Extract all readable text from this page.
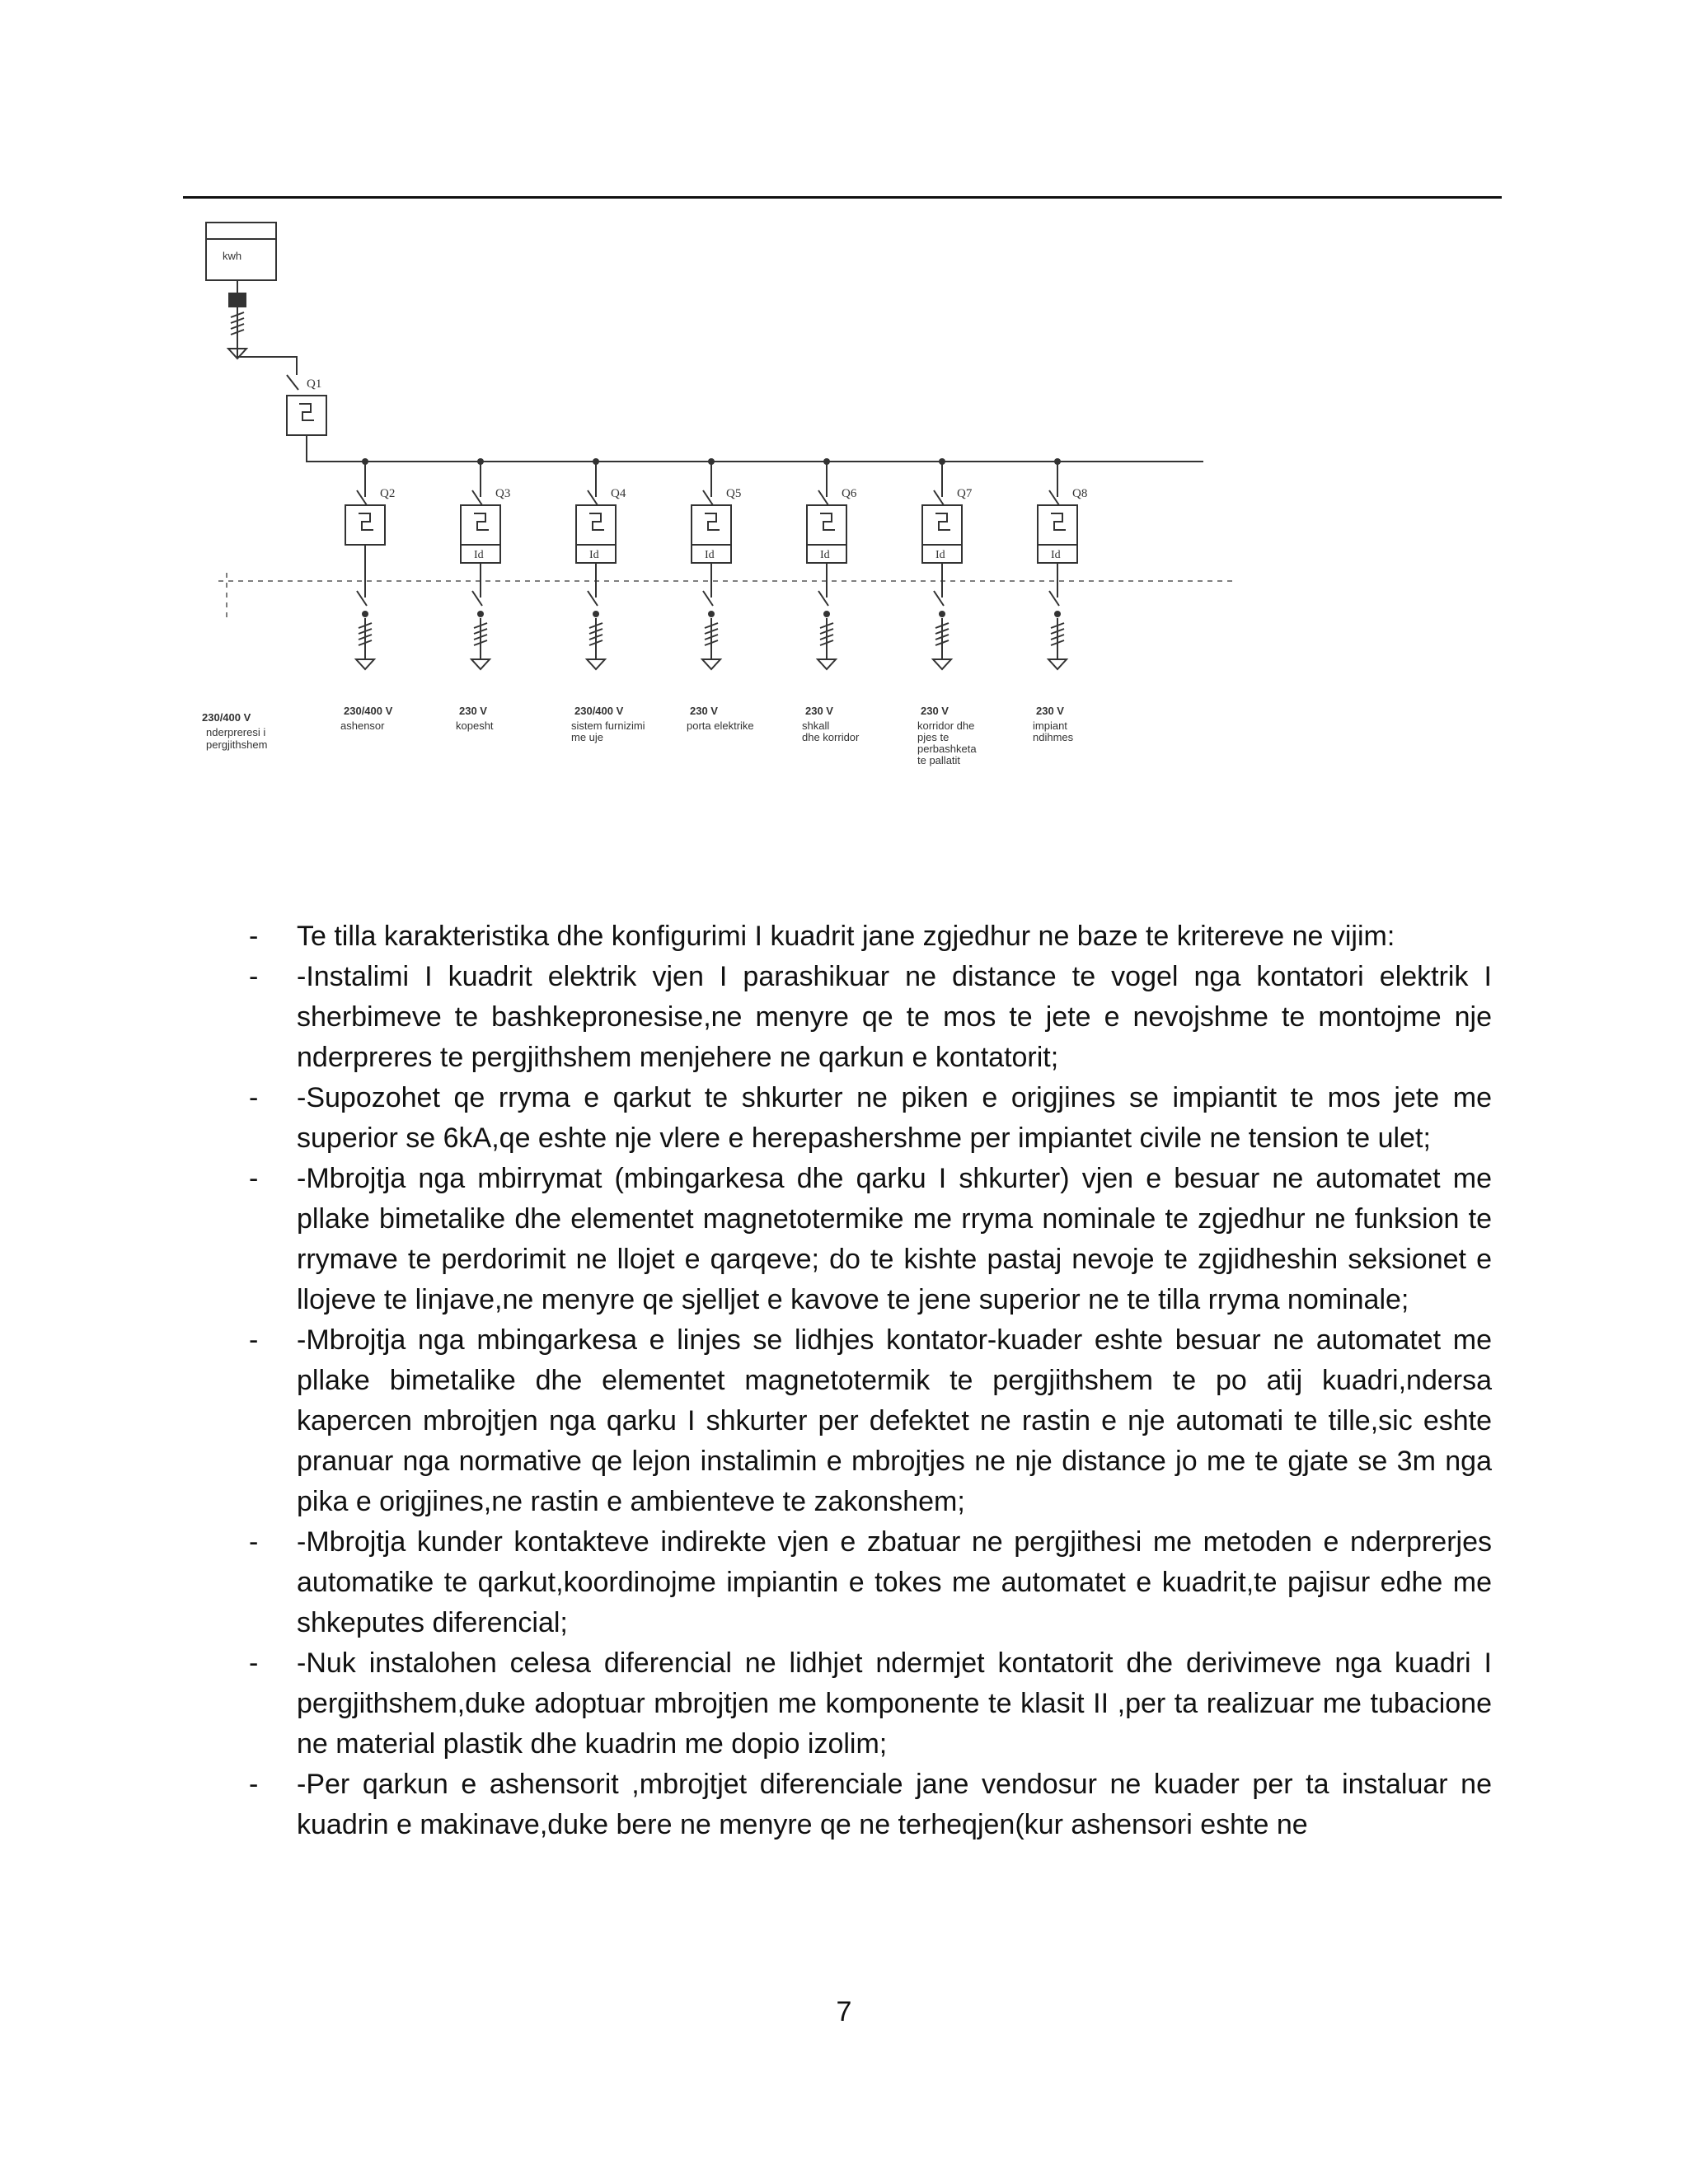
kwh
Q1
230/400 V
nderpreresi i
pergjithshem
Q2
230/400 V
ashensor
Q3
Id
230 V
kopesht
Q4
Id
230/400 V
sistem furnizimi
me uje
Q5
Id
230 V
porta elektrike
Q6
Id
230 V
shkall
dhe korridor
Q7
Id
230 V
korridor dhe
pjes te
perbashketa
te pallatit
Q8
Id
230 V
impiant
ndihmes
- Te tilla karakteristika dhe konfigurimi I kuadrit jane zgjedhur ne baze te kritereve ne vijim:
- -Instalimi I kuadrit elektrik vjen I parashikuar ne distance te vogel nga kontatori elektrik I sherbimeve te bashkepronesise,ne menyre qe te mos te jete e nevojshme te montojme nje nderpreres te pergjithshem menjehere ne qarkun e kontatorit;
- -Supozohet qe rryma e qarkut te shkurter ne piken e origjines se impiantit te mos jete me superior se 6kA,qe eshte nje vlere e herepashershme per impiantet civile ne tension te ulet;
- -Mbrojtja nga mbirrymat (mbingarkesa dhe qarku I shkurter) vjen e besuar ne automatet me pllake bimetalike dhe elementet magnetotermike me rryma nominale te zgjedhur ne funksion te rrymave te perdorimit ne llojet e qarqeve; do te kishte pastaj nevoje te zgjidheshin seksionet e llojeve te linjave,ne menyre qe sjelljet e kavove te jene superior ne te tilla rryma nominale;
- -Mbrojtja nga mbingarkesa e linjes se lidhjes kontator-kuader eshte besuar ne automatet me pllake bimetalike dhe elementet magnetotermik te pergjithshem te po atij kuadri,ndersa kapercen mbrojtjen nga qarku I shkurter per defektet ne rastin e nje automati te tille,sic eshte pranuar nga normative qe lejon instalimin e mbrojtjes ne nje distance jo me te gjate se 3m nga pika e origjines,ne rastin e ambienteve te zakonshem;
- -Mbrojtja kunder kontakteve indirekte vjen e zbatuar ne pergjithesi me metoden e nderprerjes automatike te qarkut,koordinojme impiantin e tokes me automatet e kuadrit,te pajisur edhe me shkeputes diferencial;
- -Nuk instalohen celesa diferencial ne lidhjet ndermjet kontatorit dhe derivimeve nga kuadri I pergjithshem,duke adoptuar mbrojtjen me komponente te klasit II ,per ta realizuar me tubacione ne material plastik dhe kuadrin me dopio izolim;
- -Per qarkun e ashensorit ,mbrojtjet diferenciale jane vendosur ne kuader per ta instaluar ne kuadrin e makinave,duke bere ne menyre qe ne terheqjen(kur ashensori eshte ne
7
